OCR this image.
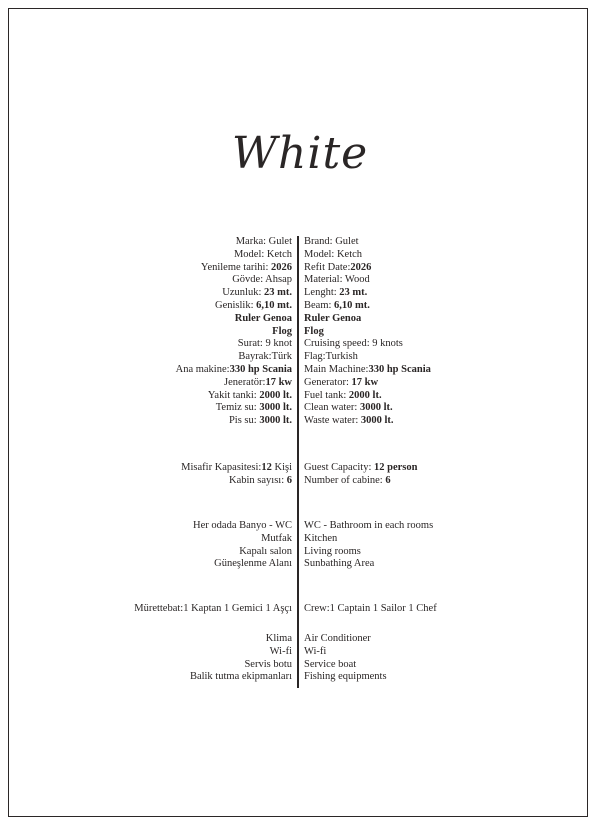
White
Marka: Gulet Brand: Gulet
Model: Ketch Model: Ketch
Yenileme tarihi: 2026 Refit Date:2026
Gövde: Ahsap Material: Wood
Uzunluk: 23 mt. Lenght: 23 mt.
Genislik: 6,10 mt. Beam: 6,10 mt.
Ruler Genoa Ruler Genoa
Flog Flog
Surat: 9 knot Cruising speed: 9 knots
Bayrak:Türk Flag:Turkish
Ana makine:330 hp Scania Main Machine:330 hp Scania
Jeneratör:17 kw Generator: 17 kw
Yakit tanki: 2000 lt. Fuel tank: 2000 lt.
Temiz su: 3000 lt. Clean water: 3000 lt.
Pis su: 3000 lt. Waste water: 3000 lt.
Misafir Kapasitesi:12 Kişi Guest Capacity: 12 person
Kabin sayısı: 6 Number of cabine: 6
Her odada Banyo - WC WC - Bathroom in each rooms
Mutfak Kitchen
Kapalı salon Living rooms
Güneşlenme Alanı Sunbathing Area
Mürettebat:1 Kaptan 1 Gemici 1 Aşçı Crew:1 Captain 1 Sailor 1 Chef
Klima Air Conditioner
Wi-fi Wi-fi
Servis botu Service boat
Balik tutma ekipmanları Fishing equipments
